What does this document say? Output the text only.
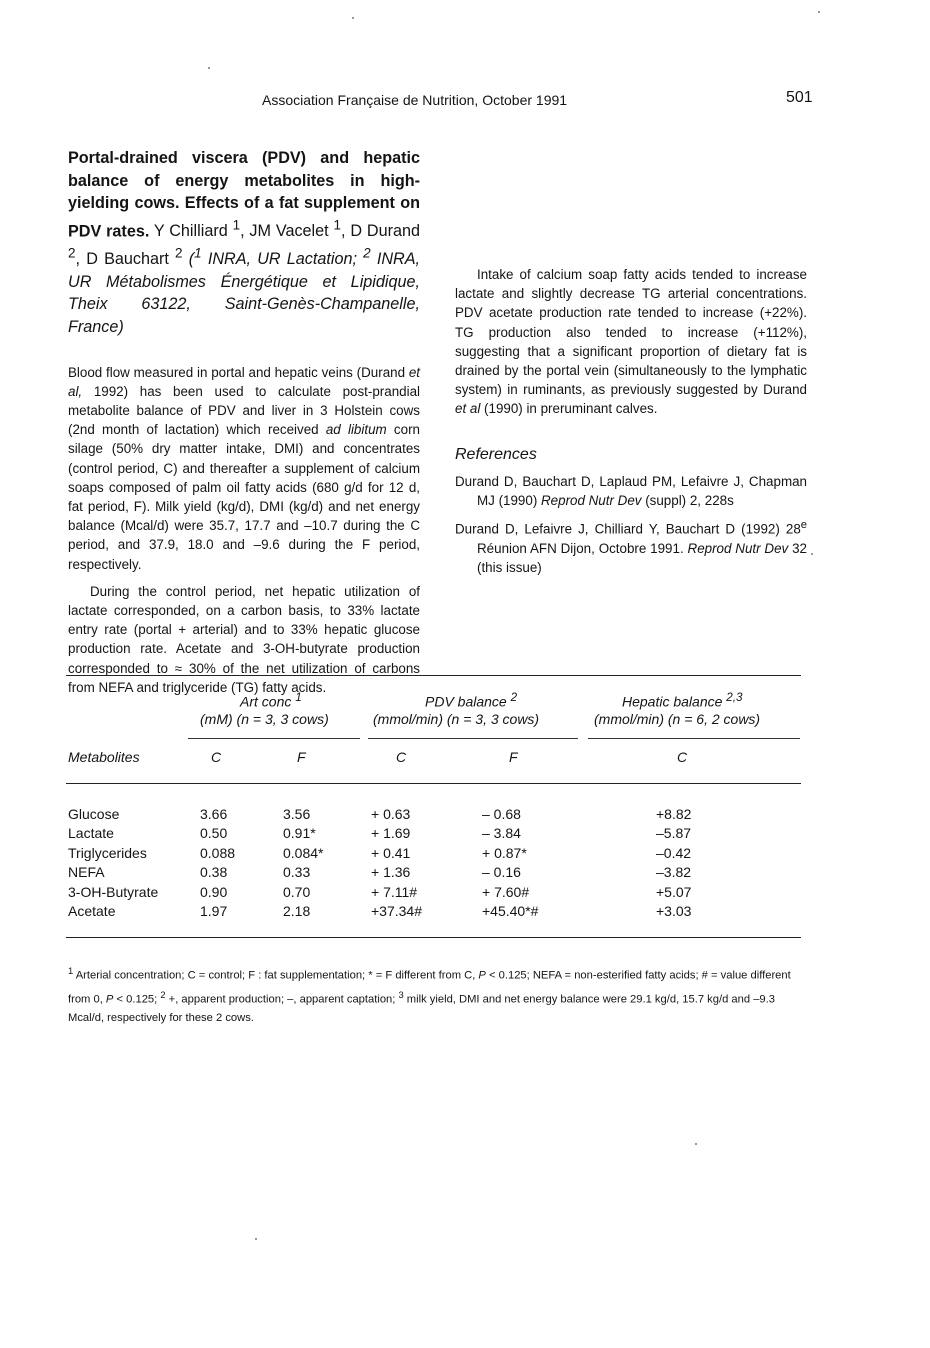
Association Française de Nutrition, October 1991	501

Portal-drained viscera (PDV) and hepatic balance of energy metabolites in high-yielding cows. Effects of a fat supplement on PDV rates. Y Chilliard $^1$, JM Vacelet $^1$, D Durand $^2$, D Bauchart $^2$ ($^1$ INRA, UR Lactation; $^2$ INRA, UR Métabolismes Énergétique et Lipidique, Theix 63122, Saint-Genès-Champanelle, France)

Blood flow measured in portal and hepatic veins (Durand et al, 1992) has been used to calculate post-prandial metabolite balance of PDV and liver in 3 Holstein cows (2nd month of lactation) which received ad libitum corn silage (50% dry matter intake, DMI) and concentrates (control period, C) and thereafter a supplement of calcium soaps composed of palm oil fatty acids (680 g/d for 12 d, fat period, F). Milk yield (kg/d), DMI (kg/d) and net energy balance (Mcal/d) were 35.7, 17.7 and –10.7 during the C period, and 37.9, 18.0 and –9.6 during the F period, respectively.

During the control period, net hepatic utilization of lactate corresponded, on a carbon basis, to 33% lactate entry rate (portal + arterial) and to 33% hepatic glucose production rate. Acetate and 3-OH-butyrate production corresponded to ≈ 30% of the net utilization of carbons from NEFA and triglyceride (TG) fatty acids.

Intake of calcium soap fatty acids tended to increase lactate and slightly decrease TG arterial concentrations. PDV acetate production rate tended to increase (+22%). TG production also tended to increase (+112%), suggesting that a significant proportion of dietary fat is drained by the portal vein (simultaneously to the lymphatic system) in ruminants, as previously suggested by Durand et al (1990) in preruminant calves.

References

Durand D, Bauchart D, Laplaud PM, Lefaivre J, Chapman MJ (1990) Reprod Nutr Dev (suppl) 2, 228s

Durand D, Lefaivre J, Chilliard Y, Bauchart D (1992) 28e Réunion AFN Dijon, Octobre 1991. Reprod Nutr Dev 32 (this issue)

Art conc $^1$
(mM) (n = 3, 3 cows)
PDV balance $^2$
(mmol/min) (n = 3, 3 cows)
Hepatic balance $^{2,3}$
(mmol/min) (n = 6, 2 cows)
Metabolites	C	F	C	F	C
Glucose	3.66	3.56	+ 0.63	– 0.68	+8.82
Lactate	0.50	0.91*	+ 1.69	– 3.84	–5.87
Triglycerides	0.088	0.084*	+ 0.41	+ 0.87*	–0.42
NEFA	0.38	0.33	+ 1.36	– 0.16	–3.82
3-OH-Butyrate	0.90	0.70	+ 7.11#	+ 7.60#	+5.07
Acetate	1.97	2.18	+37.34#	+45.40*#	+3.03
$^1$ Arterial concentration; C = control; F : fat supplementation; * = F different from C, P < 0.125; NEFA = non-esterified fatty acids; # = value different from 0, P < 0.125; $^2$ +, apparent production; –, apparent captation; $^3$ milk yield, DMI and net energy balance were 29.1 kg/d, 15.7 kg/d and –9.3 Mcal/d, respectively for these 2 cows.
